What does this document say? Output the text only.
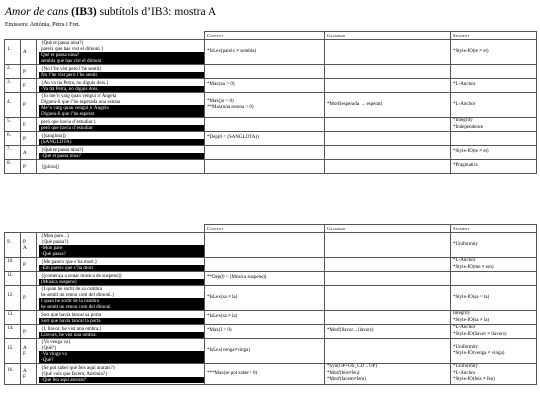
Amor de cans (IB3) subtítols d’IB3: mostra A
Emissors: Antònia, Petra i Fret.
			Context	Grammar	Segment
1.
☞	A	{Què te passa nina?}
pareix que has vist el dimoni.}
Què et passa nina?
sembla que has vist el dimoni	*IsLex(pareix ≠ sembla)		*Style-IO(te ≠ et)

2.
☞	P	{No l’he vist pero l’he sentit}
No l’he vist però l’he sentit			

3.
☞	F	{Au va tía Petra, no diguis dois.}
-Va tia Petra, no diguis dois.	*Max(au > 0)		*L-Anchor

4.
☞	P	{Jo me’n vaig quan vengui n’Àngela
Digueu-li que l’he esperada una estona
Me’n vaig quan vengui n’Àngela
Digueu-li que l’he esperat	*Max(jo > 0)
**Max(una estona > 0)	*Morf(esperada → esperat)	*L-Anchor

5.
☞	F	peró que havia d’estudiar.}
però que havia d’estudiar			*Integrity
*Independence

6.
☞	P	{[sanglota]}
(SANGLOTA)	*Dep(0 < (SANGLOTA))		
7.
☞	A	{Què te passa nina?}
-Què et passa nina?			*Style-IO(te ≠ et)

8.
☞	P	{[plora]}			*Pragmatics
			Context	Grammar	Segment
9.
☞	P
A	{Mon pare...}
{Què passa?}
-Mon pare
-Què passa?			*Uniformity

10.
☞	P	{Me pareix que s’ha mort.}
-Em pareix que s’ha mort			*L-Anchor
*Style-IO(me ≠ em)

11.
☞		{[comença a sonar música de suspens]}
(Música suspens)	**Dep(0 < (Música suspens))		
12.
☞	P	{I quan he sortit de sa cambra
he sentit un renou com del dimoni.}
I quan he sortit de la cambra
he sentit un renou com del dimoni	*IsLex(sa ≠ la)		*Style-IO(sa = la)

13.
☞		Sort que havia tancat sa porta
Sort que havia tancat la porta	*IsLex(sa ≠ la)		Integrity
*Style-IO(sa ≠ la)

14.
☞	P	{I, llavor, he vist una ombra.}
Llavors, he vist una ombra.	*Max(I > 0)	*Morf(llavor→llavors)	*L-Anchor
*Style-IO(llavor ≠ llavors)

15.
☞	A
F	{Va venga va}
{Què?}
-Va vinga va
-Què?	*IsLex(venga≠vinga)		*Uniformity
*Style-IO(venga ≠ vinga)

16.
☞	A
F	{Se pot saber què feis aquí aturats?}
{Què vols que facem, Antònia?}
-Què feu aquí aturats?	***Max(se pot saber> 0)	*Syn(OP+OS_CD→OP)
*Morf(feis≠feu)
*Morf(facem≠fem)	*Uniformity
*L-Anchor
*Style-IO(feis ≠ feu)
